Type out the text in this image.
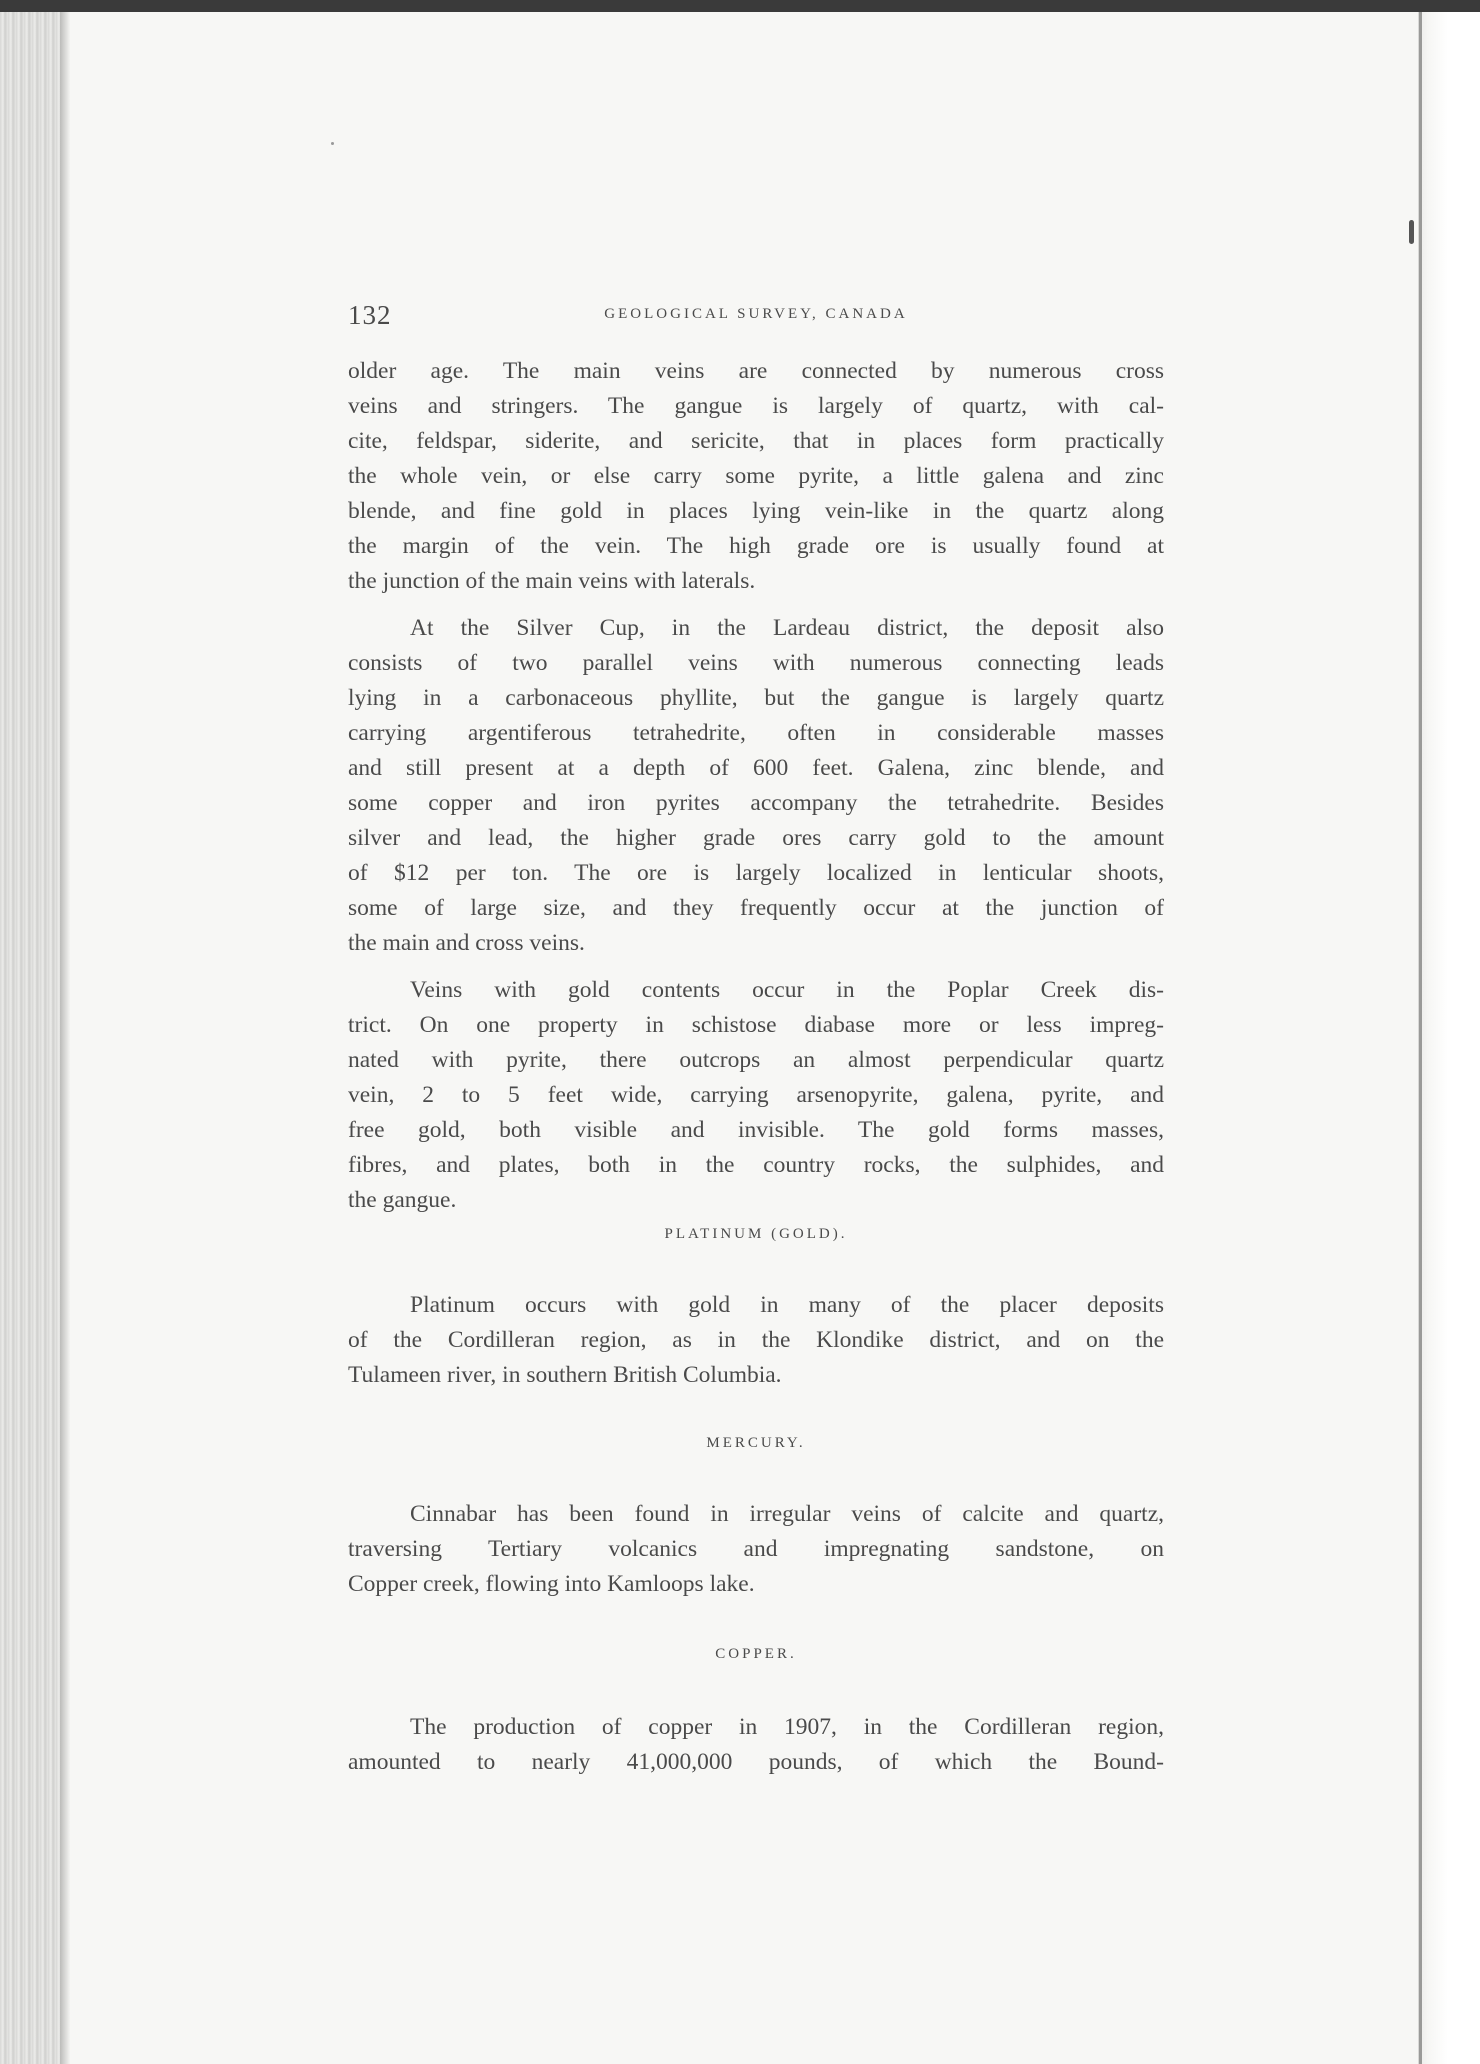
132	GEOLOGICAL SURVEY, CANADA

older age. The main veins are connected by numerous cross

veins and stringers. The gangue is largely of quartz, with cal-

cite, feldspar, siderite, and sericite, that in places form practically

the whole vein, or else carry some pyrite, a little galena and zinc

blende, and fine gold in places lying vein-like in the quartz along

the margin of the vein. The high grade ore is usually found at

the junction of the main veins with laterals.

At the Silver Cup, in the Lardeau district, the deposit also

consists of two parallel veins with numerous connecting leads

lying in a carbonaceous phyllite, but the gangue is largely quartz

carrying argentiferous tetrahedrite, often in considerable masses

and still present at a depth of 600 feet. Galena, zinc blende, and

some copper and iron pyrites accompany the tetrahedrite. Besides

silver and lead, the higher grade ores carry gold to the amount

of $12 per ton. The ore is largely localized in lenticular shoots,

some of large size, and they frequently occur at the junction of

the main and cross veins.

Veins with gold contents occur in the Poplar Creek dis-

trict. On one property in schistose diabase more or less impreg-

nated with pyrite, there outcrops an almost perpendicular quartz

vein, 2 to 5 feet wide, carrying arsenopyrite, galena, pyrite, and

free gold, both visible and invisible. The gold forms masses,

fibres, and plates, both in the country rocks, the sulphides, and

the gangue.

PLATINUM (GOLD).

Platinum occurs with gold in many of the placer deposits

of the Cordilleran region, as in the Klondike district, and on the

Tulameen river, in southern British Columbia.

MERCURY.

Cinnabar has been found in irregular veins of calcite and quartz,

traversing Tertiary volcanics and impregnating sandstone, on

Copper creek, flowing into Kamloops lake.

COPPER.

The production of copper in 1907, in the Cordilleran region,

amounted to nearly 41,000,000 pounds, of which the Bound-
